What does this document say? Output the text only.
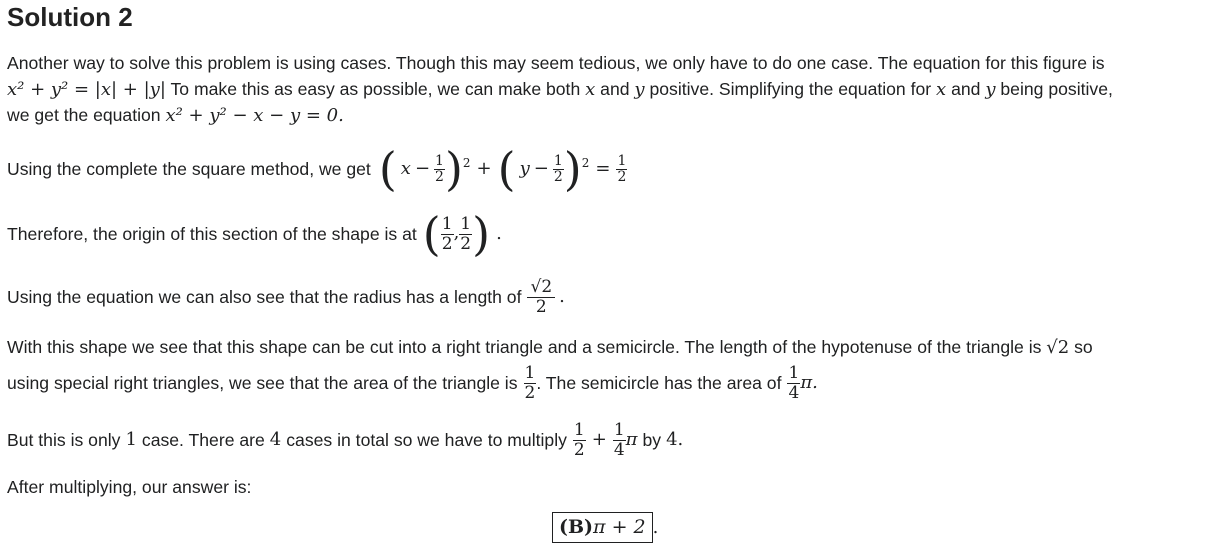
Solution 2
Another way to solve this problem is using cases. Though this may seem tedious, we only have to do one case. The equation for this figure is
x² + y² = |x| + |y| To make this as easy as possible, we can make both x and y positive. Simplifying the equation for x and y being positive,
we get the equation x² + y² − x − y = 0.
Using the complete the square method, we get ( $x - \frac{1}{2} )^2$ + ( $y - \frac{1}{2} )^2 = \frac{1}{2}$
Therefore, the origin of this section of the shape is at ( $\frac{1}{2}$ , $\frac{1}{2}$ ) .
Using the equation we can also see that the radius has a length of $\frac{√2}{2}$ .
With this shape we see that this shape can be cut into a right triangle and a semicircle. The length of the hypotenuse of the triangle is √2 so
using special right triangles, we see that the area of the triangle is $\frac{1}{2}$ . The semicircle has the area of $\frac{1}{4} \pi$.
But this is only 1 case. There are 4 cases in total so we have to multiply $\frac{1}{2} + \frac{1}{4}$ π by 4.
After multiplying, our answer is:
(B)π + 2 .
